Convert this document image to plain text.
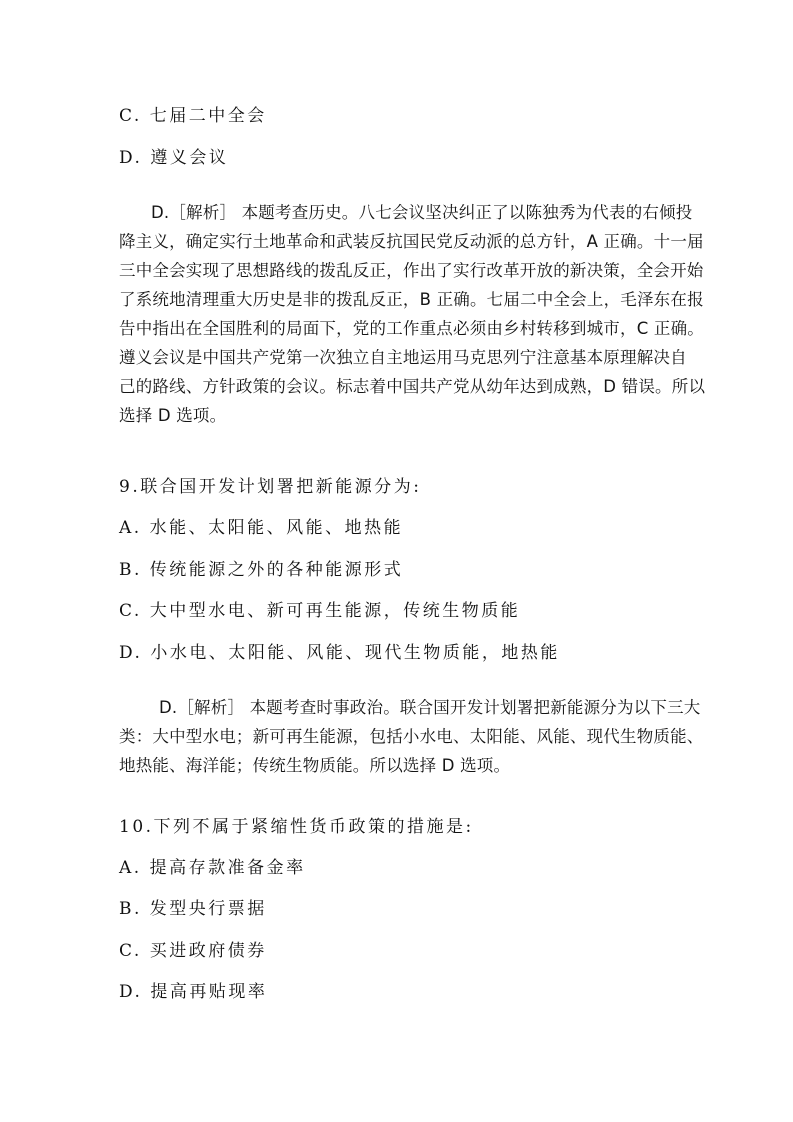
C. 七届二中全会
D. 遵义会议
D.［解析］ 本题考查历史。八七会议坚决纠正了以陈独秀为代表的右倾投
降主义，确定实行土地革命和武装反抗国民党反动派的总方针，A 正确。十一届
三中全会实现了思想路线的拨乱反正，作出了实行改革开放的新决策，全会开始
了系统地清理重大历史是非的拨乱反正，B 正确。七届二中全会上，毛泽东在报
告中指出在全国胜利的局面下，党的工作重点必须由乡村转移到城市，C 正确。
遵义会议是中国共产党第一次独立自主地运用马克思列宁注意基本原理解决自
己的路线、方针政策的会议。标志着中国共产党从幼年达到成熟，D 错误。所以
选择 D 选项。
9.联合国开发计划署把新能源分为:
A. 水能、太阳能、风能、地热能
B. 传统能源之外的各种能源形式
C. 大中型水电、新可再生能源，传统生物质能
D. 小水电、太阳能、风能、现代生物质能，地热能
D.［解析］ 本题考查时事政治。联合国开发计划署把新能源分为以下三大
类：大中型水电；新可再生能源，包括小水电、太阳能、风能、现代生物质能、
地热能、海洋能；传统生物质能。所以选择 D 选项。
10.下列不属于紧缩性货币政策的措施是:
A. 提高存款准备金率
B. 发型央行票据
C. 买进政府债券
D. 提高再贴现率
